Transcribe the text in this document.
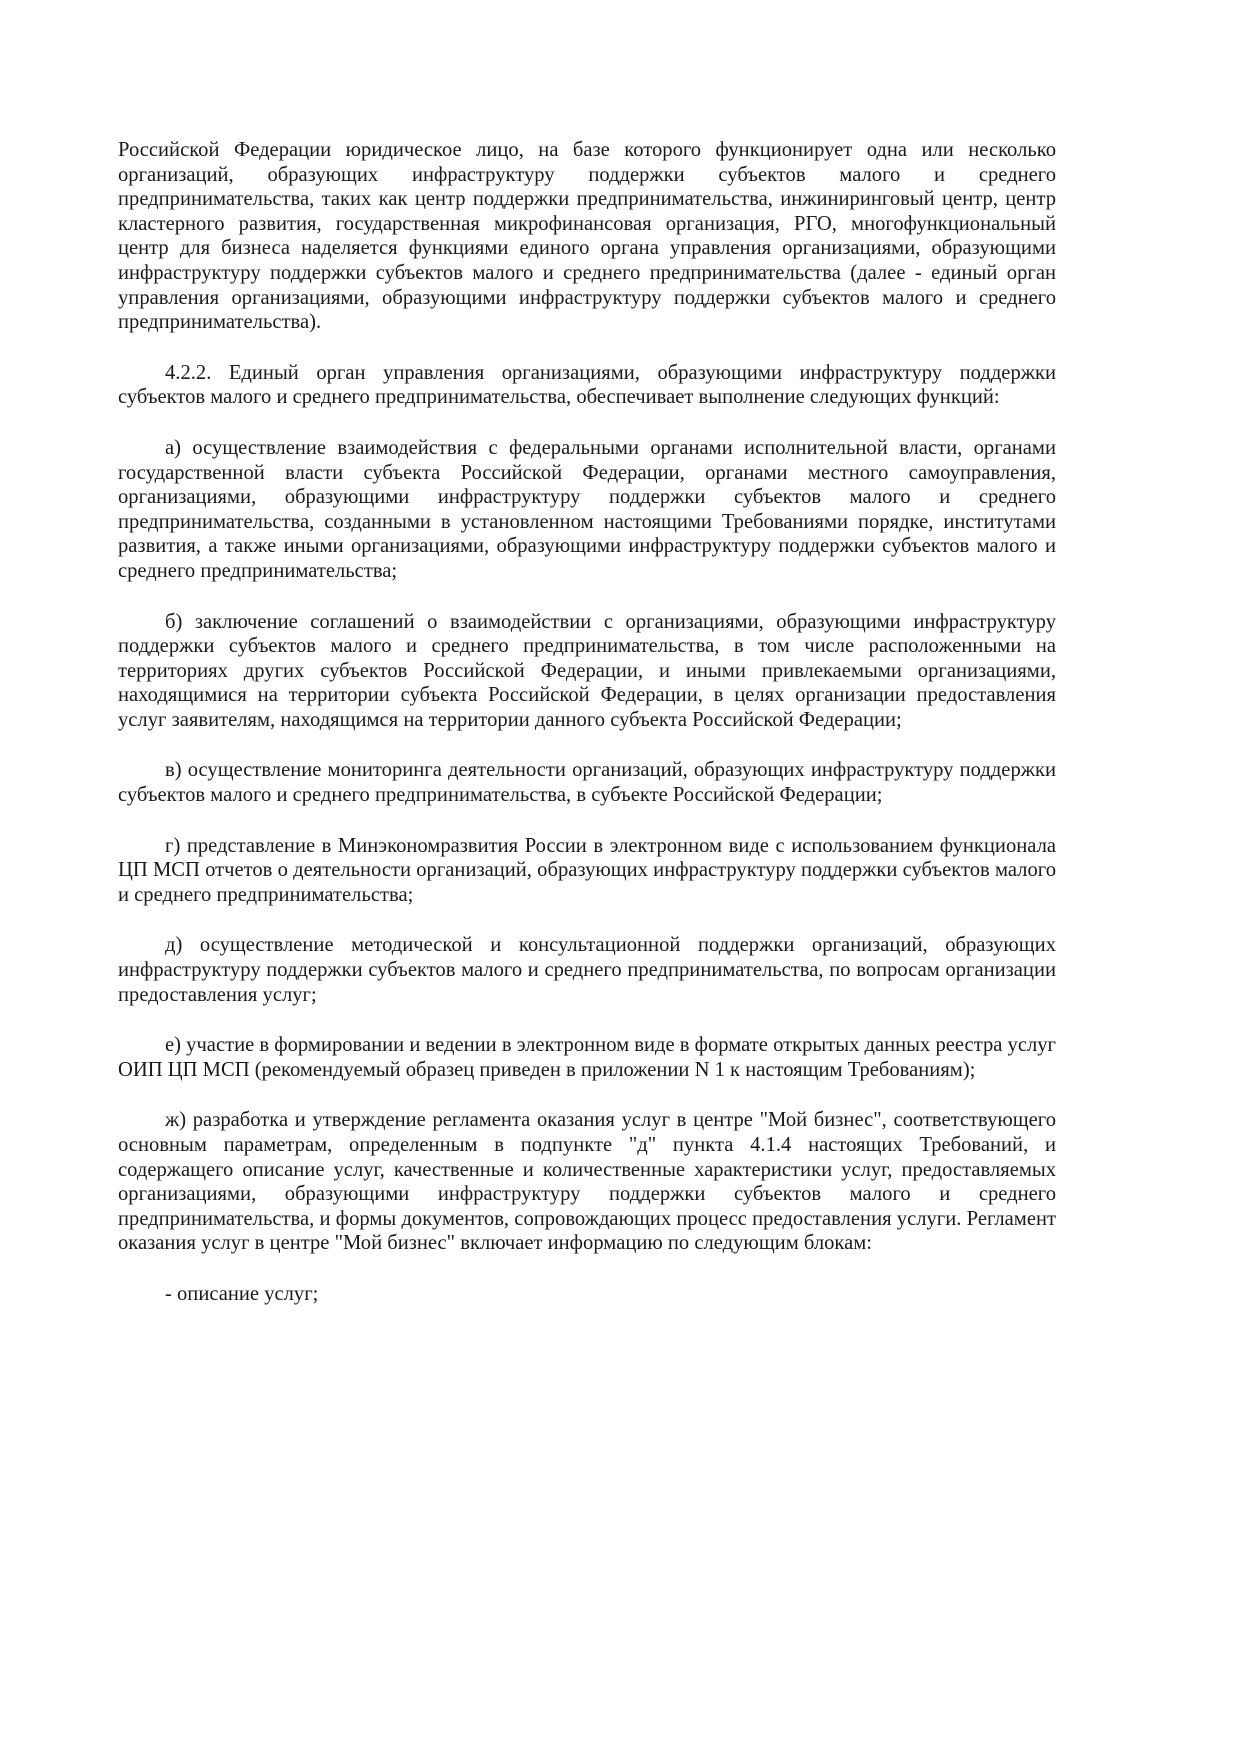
Российской Федерации юридическое лицо, на базе которого функционирует одна или несколько организаций, образующих инфраструктуру поддержки субъектов малого и среднего предпринимательства, таких как центр поддержки предпринимательства, инжиниринговый центр, центр кластерного развития, государственная микрофинансовая организация, РГО, многофункциональный центр для бизнеса наделяется функциями единого органа управления организациями, образующими инфраструктуру поддержки субъектов малого и среднего предпринимательства (далее - единый орган управления организациями, образующими инфраструктуру поддержки субъектов малого и среднего предпринимательства).

4.2.2. Единый орган управления организациями, образующими инфраструктуру поддержки субъектов малого и среднего предпринимательства, обеспечивает выполнение следующих функций:

а) осуществление взаимодействия с федеральными органами исполнительной власти, органами государственной власти субъекта Российской Федерации, органами местного самоуправления, организациями, образующими инфраструктуру поддержки субъектов малого и среднего предпринимательства, созданными в установленном настоящими Требованиями порядке, институтами развития, а также иными организациями, образующими инфраструктуру поддержки субъектов малого и среднего предпринимательства;

б) заключение соглашений о взаимодействии с организациями, образующими инфраструктуру поддержки субъектов малого и среднего предпринимательства, в том числе расположенными на территориях других субъектов Российской Федерации, и иными привлекаемыми организациями, находящимися на территории субъекта Российской Федерации, в целях организации предоставления услуг заявителям, находящимся на территории данного субъекта Российской Федерации;

в) осуществление мониторинга деятельности организаций, образующих инфраструктуру поддержки субъектов малого и среднего предпринимательства, в субъекте Российской Федерации;

г) представление в Минэкономразвития России в электронном виде с использованием функционала ЦП МСП отчетов о деятельности организаций, образующих инфраструктуру поддержки субъектов малого и среднего предпринимательства;

д) осуществление методической и консультационной поддержки организаций, образующих инфраструктуру поддержки субъектов малого и среднего предпринимательства, по вопросам организации предоставления услуг;

е) участие в формировании и ведении в электронном виде в формате открытых данных реестра услуг ОИП ЦП МСП (рекомендуемый образец приведен в приложении N 1 к настоящим Требованиям);

ж) разработка и утверждение регламента оказания услуг в центре "Мой бизнес", соответствующего основным параметрам, определенным в подпункте "д" пункта 4.1.4 настоящих Требований, и содержащего описание услуг, качественные и количественные характеристики услуг, предоставляемых организациями, образующими инфраструктуру поддержки субъектов малого и среднего предпринимательства, и формы документов, сопровождающих процесс предоставления услуги. Регламент оказания услуг в центре "Мой бизнес" включает информацию по следующим блокам:

- описание услуг;
